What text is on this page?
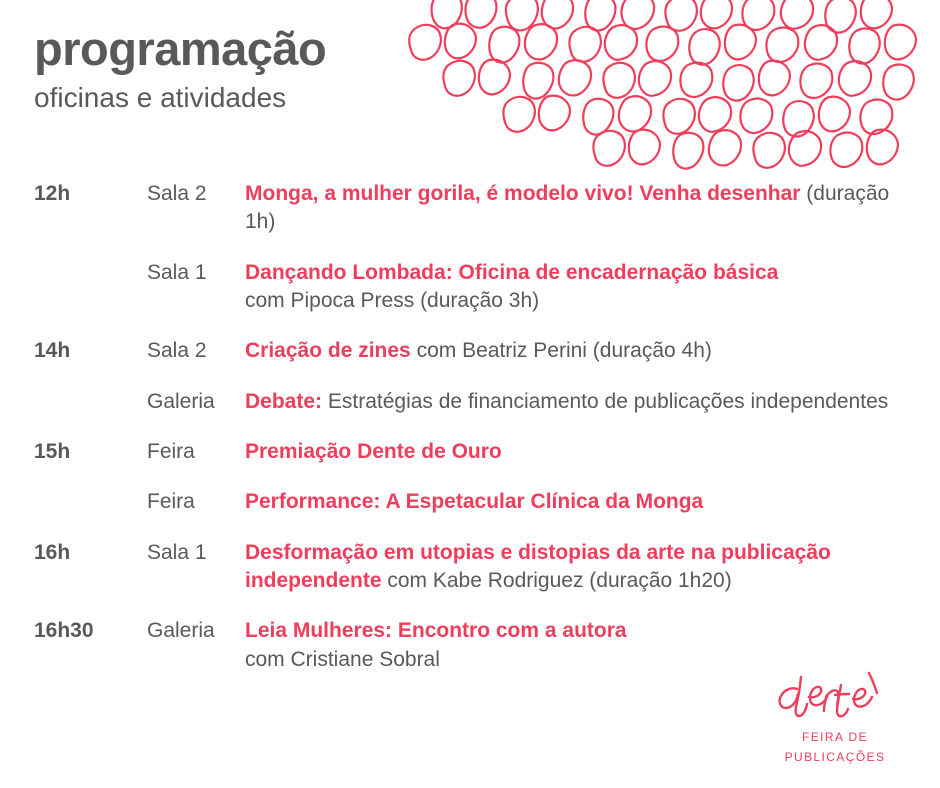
programação
oficinas e atividades
12h	Sala 2	Monga, a mulher gorila, é modelo vivo! Venha desenhar (duração 1h)
Sala 1	Dançando Lombada: Oficina de encadernação básica
com Pipoca Press (duração 3h)
14h	Sala 2	Criação de zines com Beatriz Perini (duração 4h)
Galeria	Debate: Estratégias de financiamento de publicações independentes
15h	Feira	Premiação Dente de Ouro
Feira	Performance: A Espetacular Clínica da Monga
16h	Sala 1	Desformação em utopias e distopias da arte na publicação
independente com Kabe Rodriguez (duração 1h20)
16h30	Galeria	Leia Mulheres: Encontro com a autora
com Cristiane Sobral
FEIRA DE
PUBLICAÇÕES
